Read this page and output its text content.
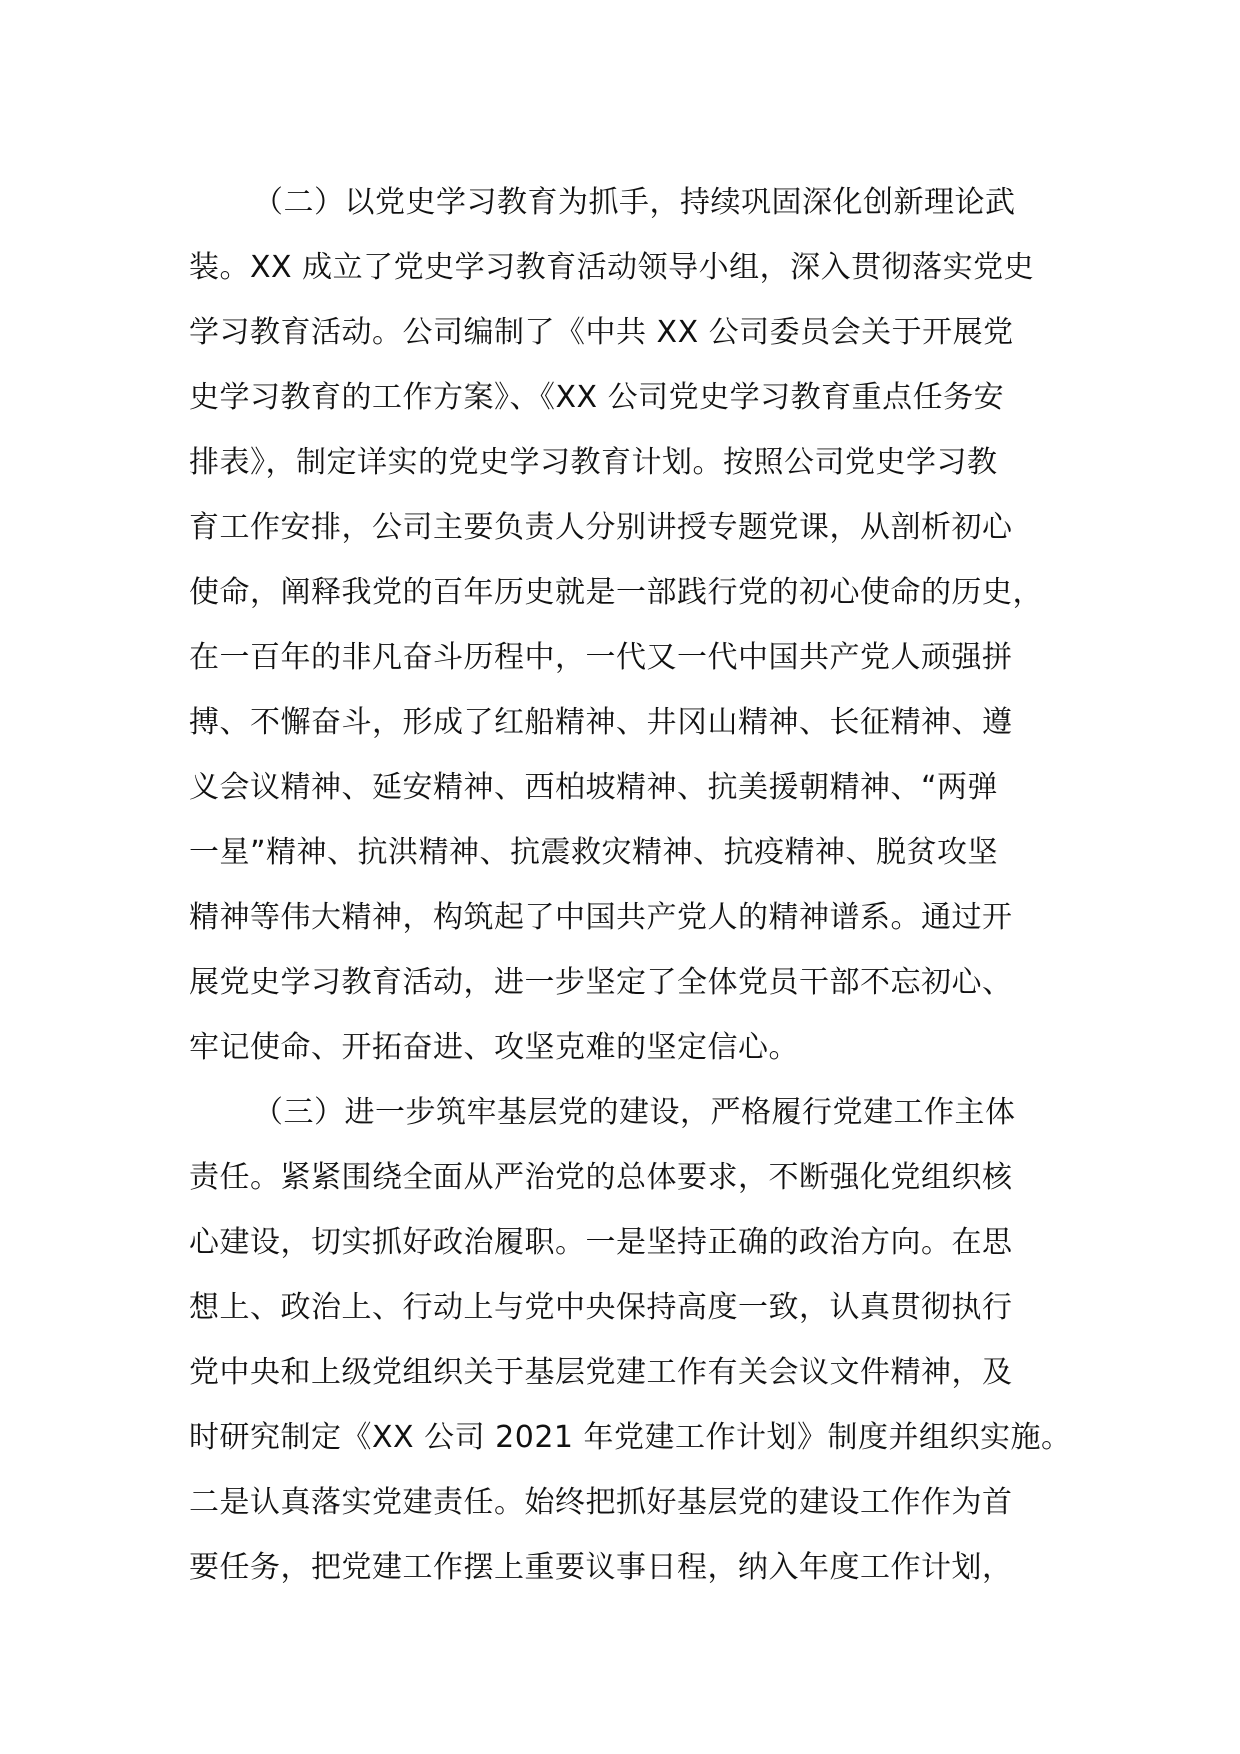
（二）以党史学习教育为抓手，持续巩固深化创新理论武
装。XX 成立了党史学习教育活动领导小组，深入贯彻落实党史
学习教育活动。公司编制了《中共 XX 公司委员会关于开展党
史学习教育的工作方案》、《XX 公司党史学习教育重点任务安
排表》，制定详实的党史学习教育计划。按照公司党史学习教
育工作安排，公司主要负责人分别讲授专题党课，从剖析初心
使命，阐释我党的百年历史就是一部践行党的初心使命的历史，
在一百年的非凡奋斗历程中，一代又一代中国共产党人顽强拼
搏、不懈奋斗，形成了红船精神、井冈山精神、长征精神、遵
义会议精神、延安精神、西柏坡精神、抗美援朝精神、“两弹
一星”精神、抗洪精神、抗震救灾精神、抗疫精神、脱贫攻坚
精神等伟大精神，构筑起了中国共产党人的精神谱系。通过开
展党史学习教育活动，进一步坚定了全体党员干部不忘初心、
牢记使命、开拓奋进、攻坚克难的坚定信心。
（三）进一步筑牢基层党的建设，严格履行党建工作主体
责任。紧紧围绕全面从严治党的总体要求，不断强化党组织核
心建设，切实抓好政治履职。一是坚持正确的政治方向。在思
想上、政治上、行动上与党中央保持高度一致，认真贯彻执行
党中央和上级党组织关于基层党建工作有关会议文件精神，及
时研究制定《XX 公司 2021 年党建工作计划》制度并组织实施。
二是认真落实党建责任。始终把抓好基层党的建设工作作为首
要任务，把党建工作摆上重要议事日程，纳入年度工作计划，
